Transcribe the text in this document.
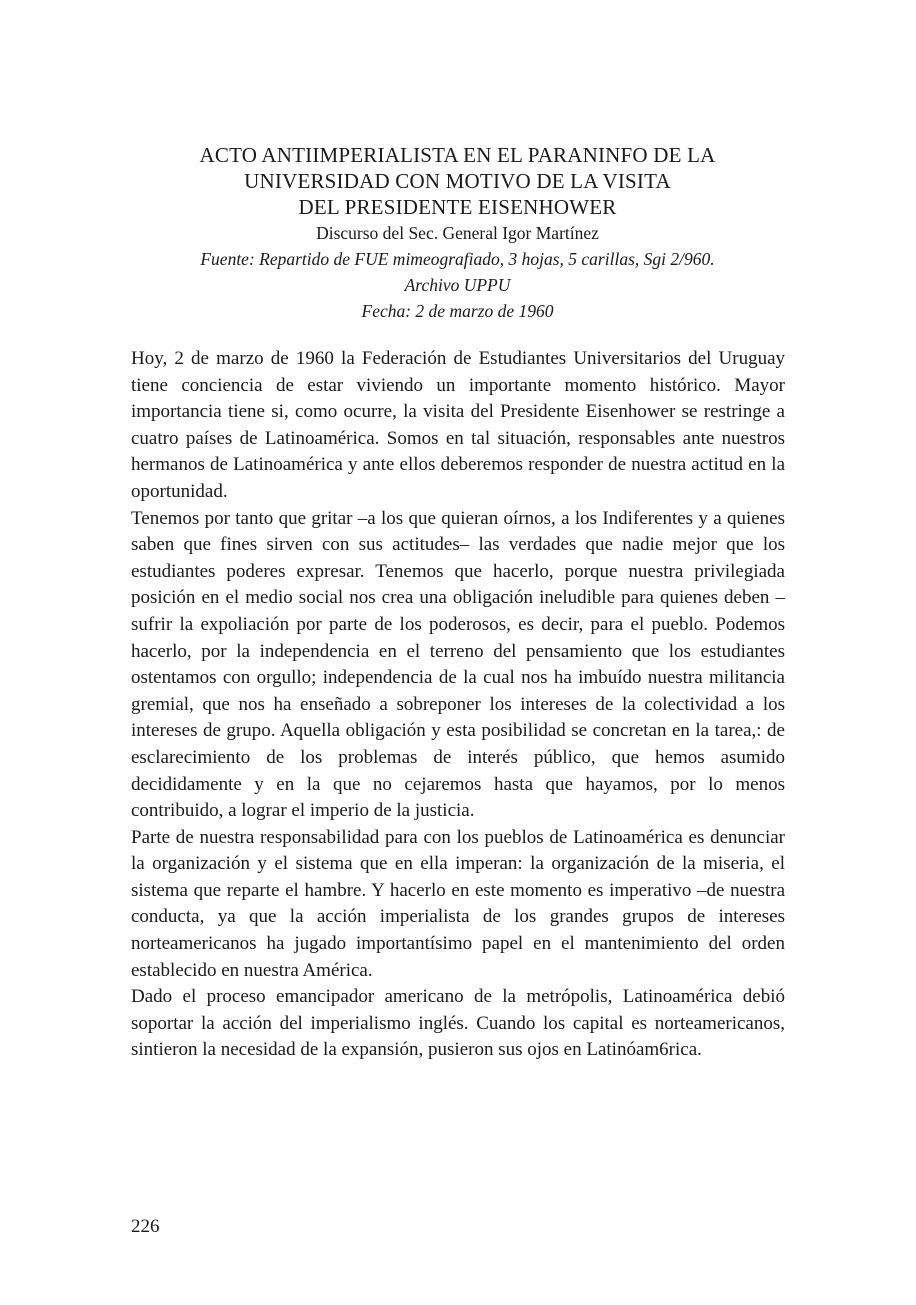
ACTO ANTIIMPERIALISTA EN EL PARANINFO DE LA
UNIVERSIDAD CON MOTIVO DE LA VISITA
DEL PRESIDENTE EISENHOWER
Discurso del Sec. General Igor Martínez
Fuente: Repartido de FUE mimeografiado, 3 hojas, 5 carillas, Sgi 2/960.
Archivo UPPU
Fecha: 2 de marzo de 1960

Hoy, 2 de marzo de 1960 la Federación de Estudiantes Universitarios del Uruguay tiene conciencia de estar viviendo un importante momento histórico. Mayor importancia tiene si, como ocurre, la visita del Presidente Eisenhower se restringe a cuatro países de Latinoamérica. Somos en tal situación, responsables ante nuestros hermanos de Latinoamérica y ante ellos deberemos responder de nuestra actitud en la oportunidad.

Tenemos por tanto que gritar –a los que quieran oírnos, a los Indiferentes y a quienes saben que fines sirven con sus actitudes– las verdades que nadie mejor que los estudiantes poderes expresar. Tenemos que hacerlo, porque nuestra privilegiada posición en el medio social nos crea una obligación ineludible para quienes deben –sufrir la expoliación por parte de los poderosos, es decir, para el pueblo. Podemos hacerlo, por la independencia en el terreno del pensamiento que los estudiantes ostentamos con orgullo; independencia de la cual nos ha imbuído nuestra militancia gremial, que nos ha enseñado a sobreponer los intereses de la colectividad a los intereses de grupo. Aquella obligación y esta posibilidad se concretan en la tarea,: de esclarecimiento de los problemas de interés público, que hemos asumido decididamente y en la que no cejaremos hasta que hayamos, por lo menos contribuido, a lograr el imperio de la justicia.

Parte de nuestra responsabilidad para con los pueblos de Latinoamérica es denunciar la organización y el sistema que en ella imperan: la organización de la miseria, el sistema que reparte el hambre. Y hacerlo en este momento es imperativo –de nuestra conducta, ya que la acción imperialista de los grandes grupos de intereses norteamericanos ha jugado importantísimo papel en el mantenimiento del orden establecido en nuestra América.

Dado el proceso emancipador americano de la metrópolis, Latinoamérica debió soportar la acción del imperialismo inglés. Cuando los capital es norteamericanos, sintieron la necesidad de la expansión, pusieron sus ojos en Latinóam6rica.

226
